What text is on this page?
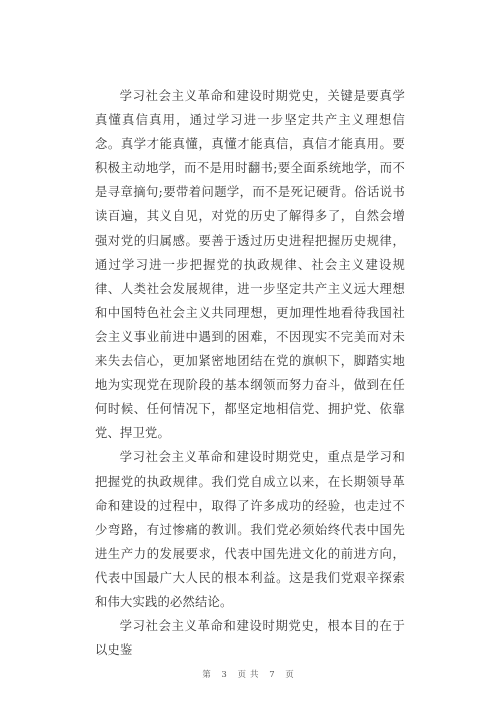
学习社会主义革命和建设时期党史，关键是要真学真懂真信真用，通过学习进一步坚定共产主义理想信念。真学才能真懂，真懂才能真信，真信才能真用。要积极主动地学，而不是用时翻书;要全面系统地学，而不是寻章摘句;要带着问题学，而不是死记硬背。俗话说书读百遍，其义自见，对党的历史了解得多了，自然会增强对党的归属感。要善于透过历史进程把握历史规律，通过学习进一步把握党的执政规律、社会主义建设规律、人类社会发展规律，进一步坚定共产主义远大理想和中国特色社会主义共同理想，更加理性地看待我国社会主义事业前进中遇到的困难，不因现实不完美而对未来失去信心，更加紧密地团结在党的旗帜下，脚踏实地地为实现党在现阶段的基本纲领而努力奋斗，做到在任何时候、任何情况下，都坚定地相信党、拥护党、依靠党、捍卫党。

学习社会主义革命和建设时期党史，重点是学习和把握党的执政规律。我们党自成立以来，在长期领导革命和建设的过程中，取得了许多成功的经验，也走过不少弯路，有过惨痛的教训。我们党必须始终代表中国先进生产力的发展要求，代表中国先进文化的前进方向，代表中国最广大人民的根本利益。这是我们党艰辛探索和伟大实践的必然结论。

学习社会主义革命和建设时期党史，根本目的在于以史鉴

第 3 页共 7 页
